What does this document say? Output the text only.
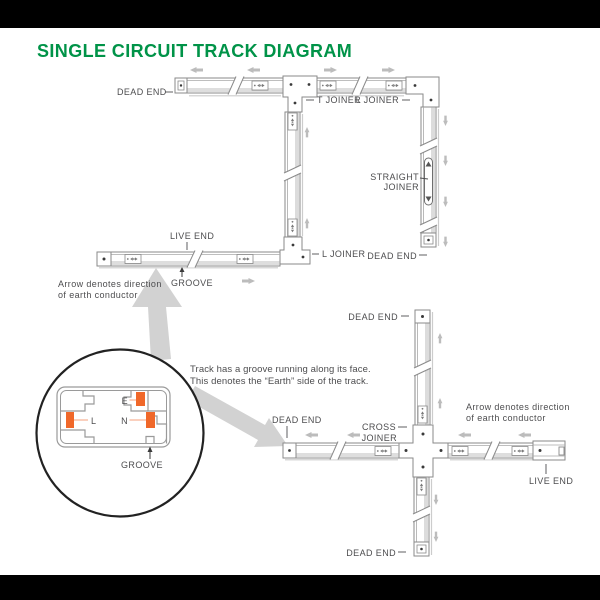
SINGLE CIRCUIT TRACK DIAGRAM
L
E
N
GROOVE
DEAD END
T JOINER
L JOINER
STRAIGHT
JOINER
DEAD END
L JOINER
LIVE END
GROOVE
Arrow denotes direction
of earth conductor
Track has a groove running along its face.
This denotes the “Earth” side of the track.
DEAD END
DEAD END
CROSS
JOINER
Arrow denotes direction
of earth conductor
LIVE END
DEAD END
